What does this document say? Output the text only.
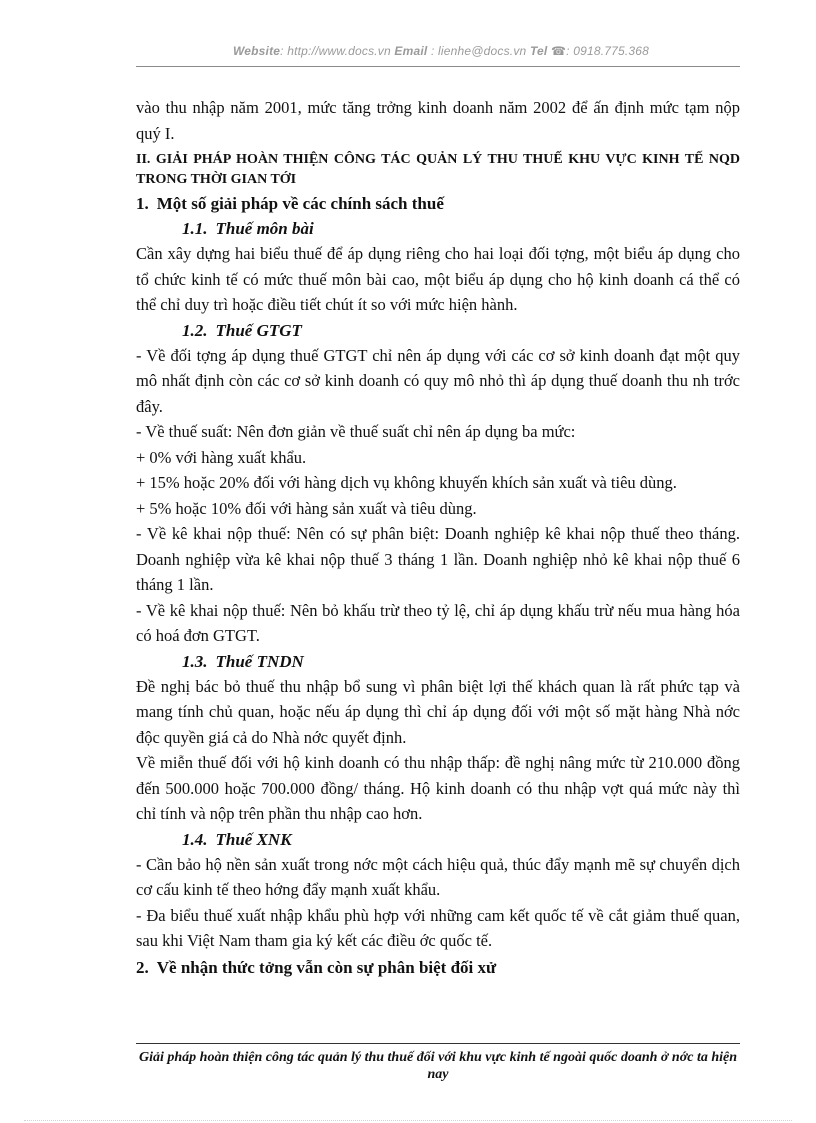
Website: http://www.docs.vn Email : lienhe@docs.vn Tel ☎: 0918.775.368

vào thu nhập năm 2001, mức tăng trởng kinh doanh năm 2002 để ấn định mức tạm nộp quý I.

II. GIẢI PHÁP HOÀN THIỆN CÔNG TÁC QUẢN LÝ THU THUẾ KHU VỰC KINH TẾ NQD TRONG THỜI GIAN TỚI

1. Một số giải pháp về các chính sách thuế

1.1. Thuế môn bài

Cần xây dựng hai biểu thuế để áp dụng riêng cho hai loại đối tợng, một biểu áp dụng cho tổ chức kinh tế có mức thuế môn bài cao, một biểu áp dụng cho hộ kinh doanh cá thể có thể chỉ duy trì hoặc điều tiết chút ít so với mức hiện hành.

1.2. Thuế GTGT

- Về đối tợng áp dụng thuế GTGT chỉ nên áp dụng với các cơ sở kinh doanh đạt một quy mô nhất định còn các cơ sở kinh doanh có quy mô nhỏ thì áp dụng thuế doanh thu nh trớc đây.

- Về thuế suất: Nên đơn giản về thuế suất chỉ nên áp dụng ba mức:

+ 0% với hàng xuất khẩu.

+ 15% hoặc 20% đối với hàng dịch vụ không khuyến khích sản xuất và tiêu dùng.

+ 5% hoặc 10% đối với hàng sản xuất và tiêu dùng.

- Về kê khai nộp thuế: Nên có sự phân biệt: Doanh nghiệp kê khai nộp thuế theo tháng. Doanh nghiệp vừa kê khai nộp thuế 3 tháng 1 lần. Doanh nghiệp nhỏ kê khai nộp thuế 6 tháng 1 lần.

- Về kê khai nộp thuế: Nên bỏ khấu trừ theo tỷ lệ, chỉ áp dụng khấu trừ nếu mua hàng hóa có hoá đơn GTGT.

1.3. Thuế TNDN

Đề nghị bác bỏ thuế thu nhập bổ sung vì phân biệt lợi thế khách quan là rất phức tạp và mang tính chủ quan, hoặc nếu áp dụng thì chỉ áp dụng đối với một số mặt hàng Nhà nớc độc quyền giá cả do Nhà nớc quyết định.

Về miễn thuế đối với hộ kinh doanh có thu nhập thấp: đề nghị nâng mức từ 210.000 đồng đến 500.000 hoặc 700.000 đồng/ tháng. Hộ kinh doanh có thu nhập vợt quá mức này thì chỉ tính và nộp trên phần thu nhập cao hơn.

1.4. Thuế XNK

- Cần bảo hộ nền sản xuất trong nớc một cách hiệu quả, thúc đẩy mạnh mẽ sự chuyển dịch cơ cấu kinh tế theo hớng đẩy mạnh xuất khẩu.

- Đa biểu thuế xuất nhập khẩu phù hợp với những cam kết quốc tế về cắt giảm thuế quan, sau khi Việt Nam tham gia ký kết các điều ớc quốc tế.

2. Về nhận thức tởng vẫn còn sự phân biệt đối xử

Giải pháp hoàn thiện công tác quản lý thu thuế đối với khu vực kinh tế ngoài quốc doanh ở nớc ta hiện nay
